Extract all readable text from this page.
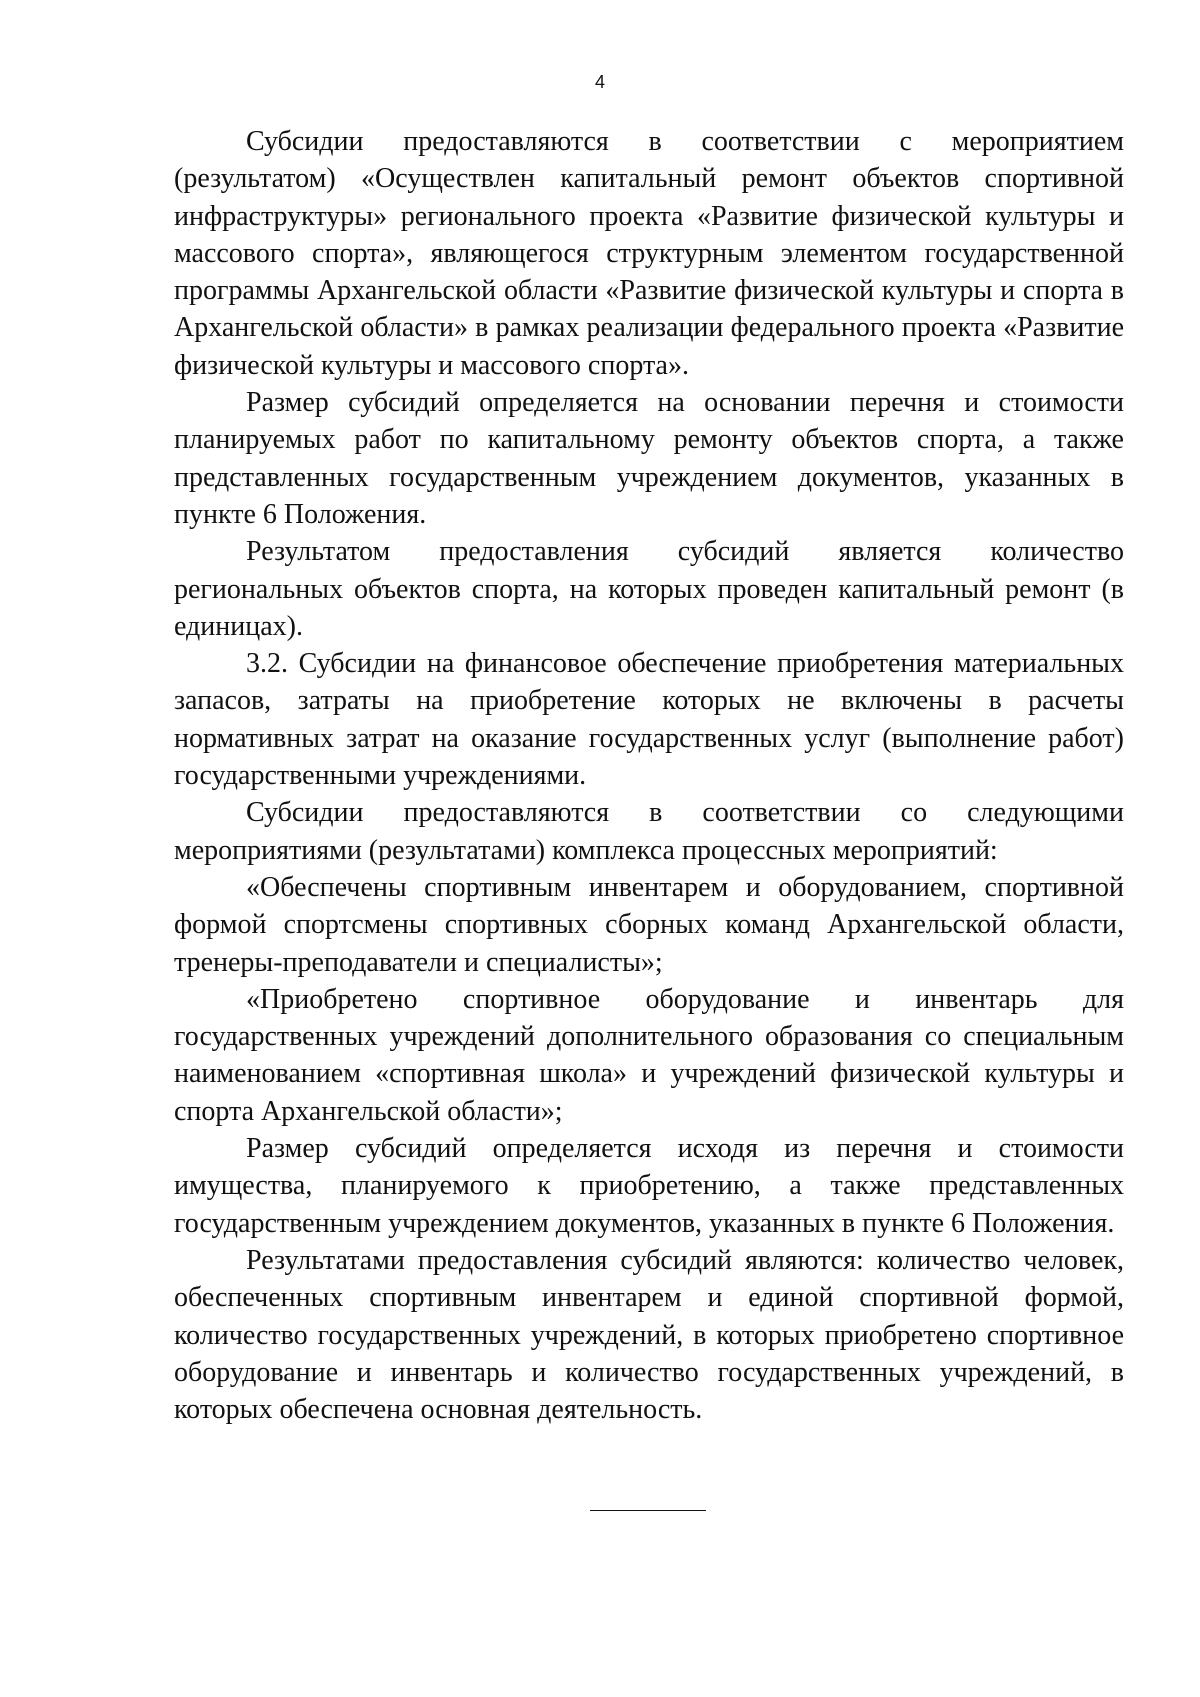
4

Субсидии предоставляются в соответствии с мероприятием (результатом) «Осуществлен капитальный ремонт объектов спортивной инфраструктуры» регионального проекта «Развитие физической культуры и массового спорта», являющегося структурным элементом государственной программы Архангельской области «Развитие физической культуры и спорта в Архангельской области» в рамках реализации федерального проекта «Развитие физической культуры и массового спорта».

Размер субсидий определяется на основании перечня и стоимости планируемых работ по капитальному ремонту объектов спорта, а также представленных государственным учреждением документов, указанных в пункте 6 Положения.

Результатом предоставления субсидий является количество региональных объектов спорта, на которых проведен капитальный ремонт (в единицах).

3.2. Субсидии на финансовое обеспечение приобретения материальных запасов, затраты на приобретение которых не включены в расчеты нормативных затрат на оказание государственных услуг (выполнение работ) государственными учреждениями.

Субсидии предоставляются в соответствии со следующими мероприятиями (результатами) комплекса процессных мероприятий:

«Обеспечены спортивным инвентарем и оборудованием, спортивной формой спортсмены спортивных сборных команд Архангельской области, тренеры-преподаватели и специалисты»;

«Приобретено спортивное оборудование и инвентарь для государственных учреждений дополнительного образования со специальным наименованием «спортивная школа» и учреждений физической культуры и спорта Архангельской области»;

Размер субсидий определяется исходя из перечня и стоимости имущества, планируемого к приобретению, а также представленных государственным учреждением документов, указанных в пункте 6 Положения.

Результатами предоставления субсидий являются: количество человек, обеспеченных спортивным инвентарем и единой спортивной формой, количество государственных учреждений, в которых приобретено спортивное оборудование и инвентарь и количество государственных учреждений, в которых обеспечена основная деятельность.
